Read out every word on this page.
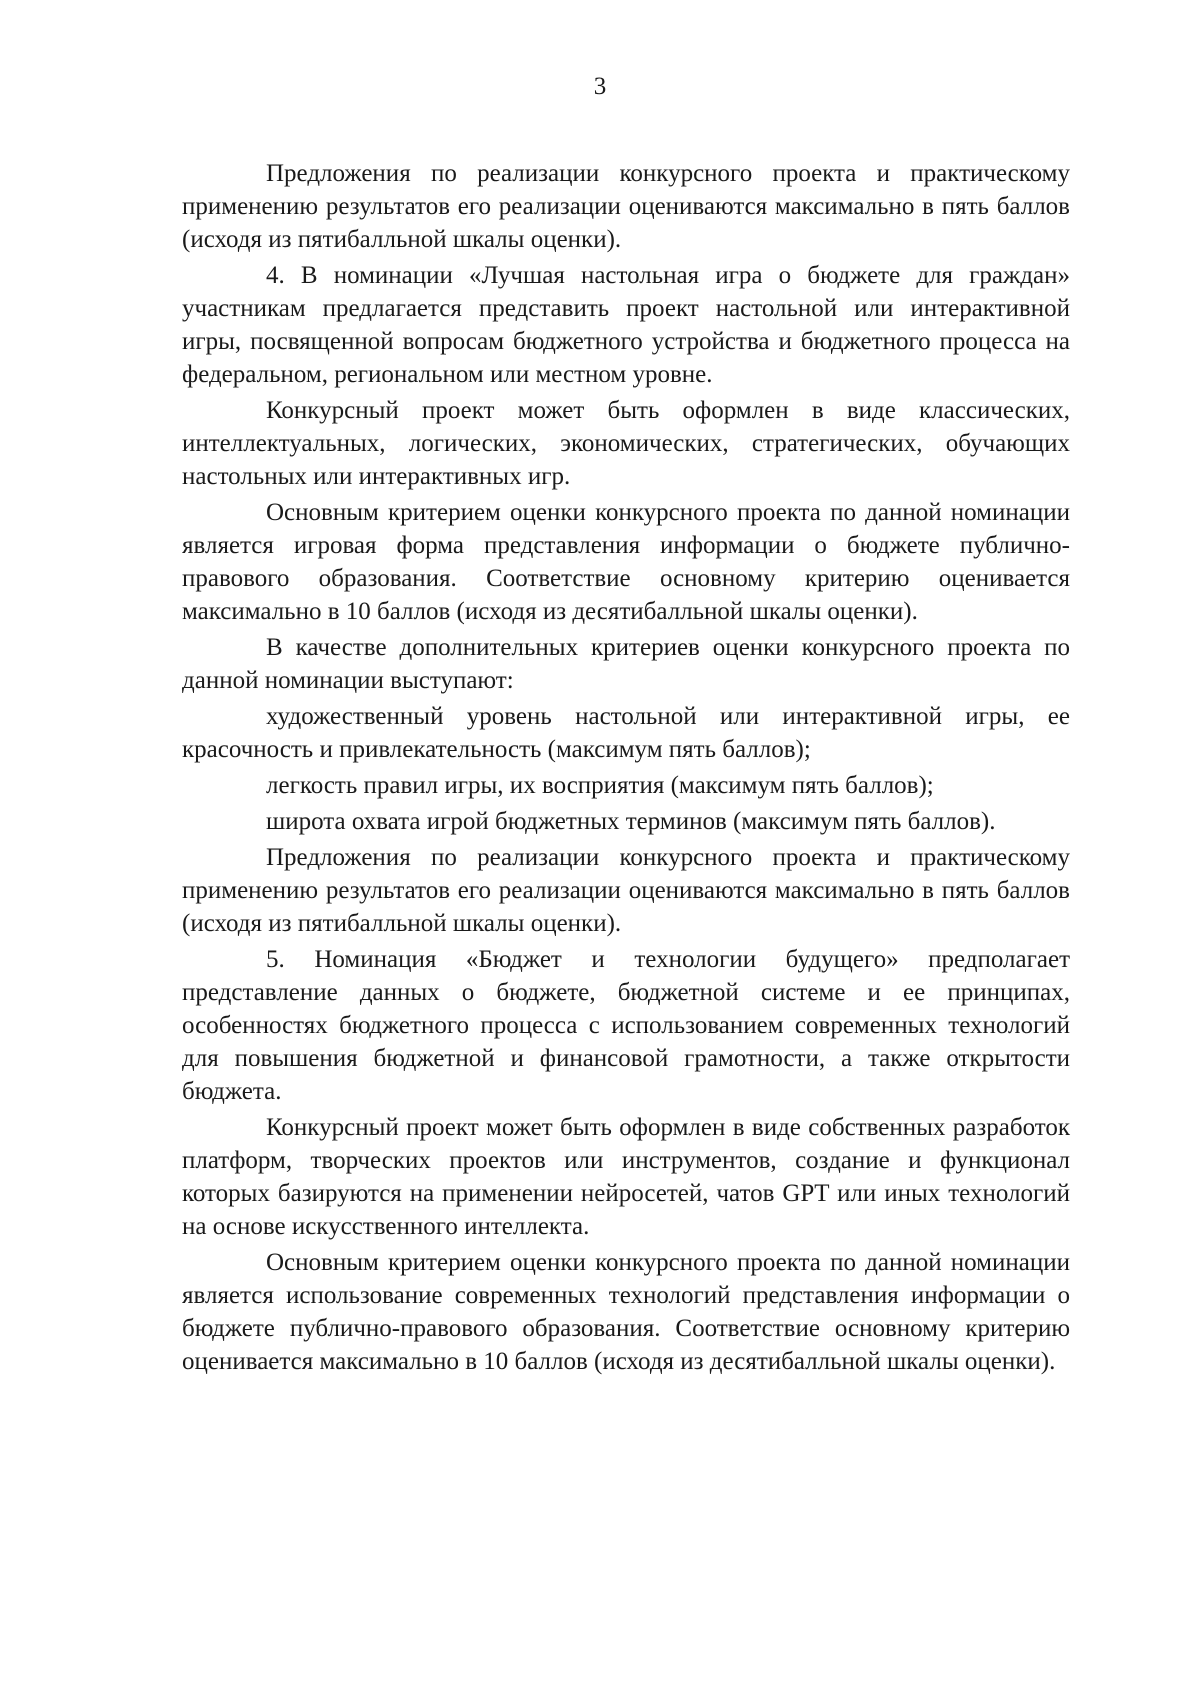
3

Предложения по реализации конкурсного проекта и практическому применению результатов его реализации оцениваются максимально в пять баллов (исходя из пятибалльной шкалы оценки).

4. В номинации «Лучшая настольная игра о бюджете для граждан» участникам предлагается представить проект настольной или интерактивной игры, посвященной вопросам бюджетного устройства и бюджетного процесса на федеральном, региональном или местном уровне.

Конкурсный проект может быть оформлен в виде классических, интеллектуальных, логических, экономических, стратегических, обучающих настольных или интерактивных игр.

Основным критерием оценки конкурсного проекта по данной номинации является игровая форма представления информации о бюджете публично-правового образования. Соответствие основному критерию оценивается максимально в 10 баллов (исходя из десятибалльной шкалы оценки).

В качестве дополнительных критериев оценки конкурсного проекта по данной номинации выступают:

художественный уровень настольной или интерактивной игры, ее красочность и привлекательность (максимум пять баллов);

легкость правил игры, их восприятия (максимум пять баллов);

широта охвата игрой бюджетных терминов (максимум пять баллов).

Предложения по реализации конкурсного проекта и практическому применению результатов его реализации оцениваются максимально в пять баллов (исходя из пятибалльной шкалы оценки).

5. Номинация «Бюджет и технологии будущего» предполагает представление данных о бюджете, бюджетной системе и ее принципах, особенностях бюджетного процесса с использованием современных технологий для повышения бюджетной и финансовой грамотности, а также открытости бюджета.

Конкурсный проект может быть оформлен в виде собственных разработок платформ, творческих проектов или инструментов, создание и функционал которых базируются на применении нейросетей, чатов GPT или иных технологий на основе искусственного интеллекта.

Основным критерием оценки конкурсного проекта по данной номинации является использование современных технологий представления информации о бюджете публично-правового образования. Соответствие основному критерию оценивается максимально в 10 баллов (исходя из десятибалльной шкалы оценки).
